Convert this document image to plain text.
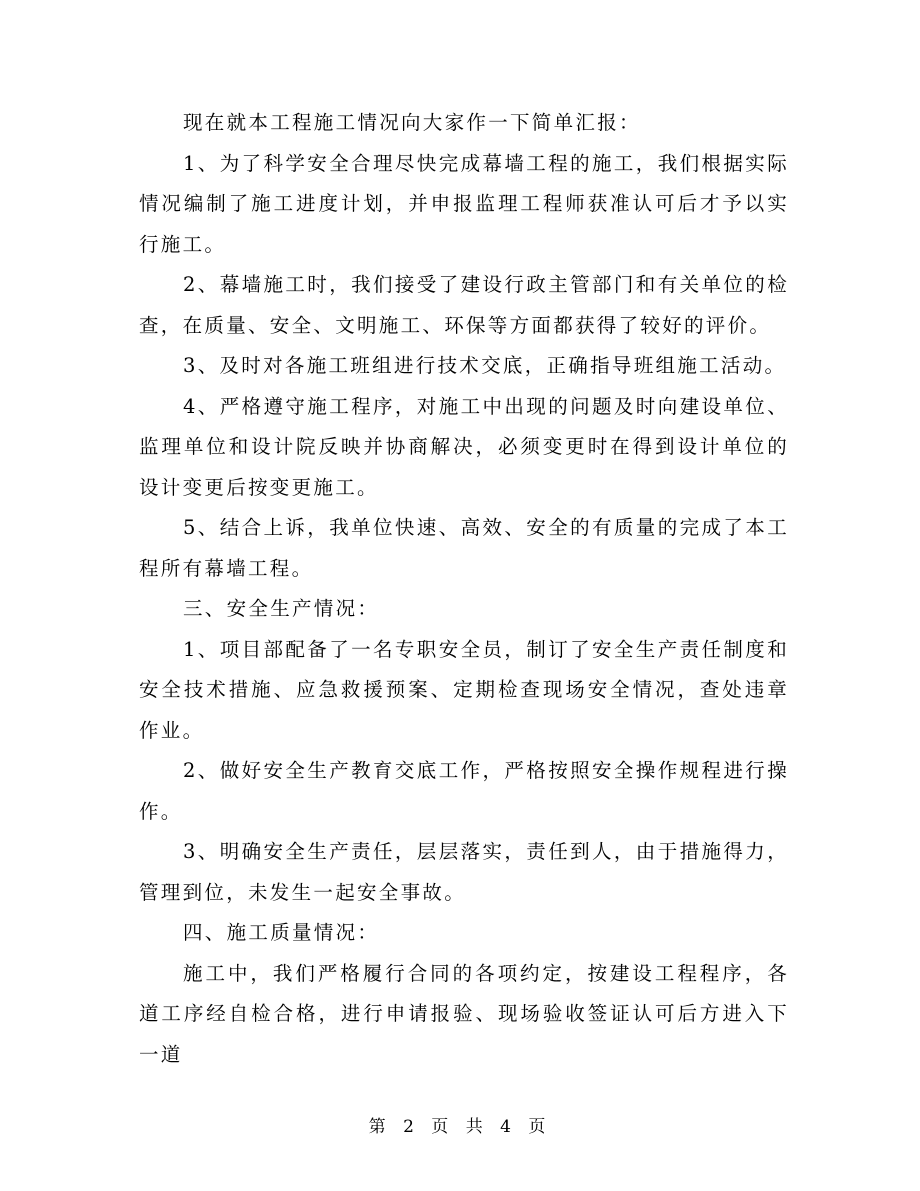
现在就本工程施工情况向大家作一下简单汇报：

1、为了科学安全合理尽快完成幕墙工程的施工，我们根据实际情况编制了施工进度计划，并申报监理工程师获准认可后才予以实行施工。

2、幕墙施工时，我们接受了建设行政主管部门和有关单位的检查，在质量、安全、文明施工、环保等方面都获得了较好的评价。

3、及时对各施工班组进行技术交底，正确指导班组施工活动。

4、严格遵守施工程序，对施工中出现的问题及时向建设单位、监理单位和设计院反映并协商解决，必须变更时在得到设计单位的设计变更后按变更施工。

5、结合上诉，我单位快速、高效、安全的有质量的完成了本工程所有幕墙工程。

三、安全生产情况：

1、项目部配备了一名专职安全员，制订了安全生产责任制度和安全技术措施、应急救援预案、定期检查现场安全情况，查处违章作业。

2、做好安全生产教育交底工作，严格按照安全操作规程进行操作。

3、明确安全生产责任，层层落实，责任到人，由于措施得力，管理到位，未发生一起安全事故。

四、施工质量情况：

施工中，我们严格履行合同的各项约定，按建设工程程序，各道工序经自检合格，进行申请报验、现场验收签证认可后方进入下一道

第 2 页 共 4 页
